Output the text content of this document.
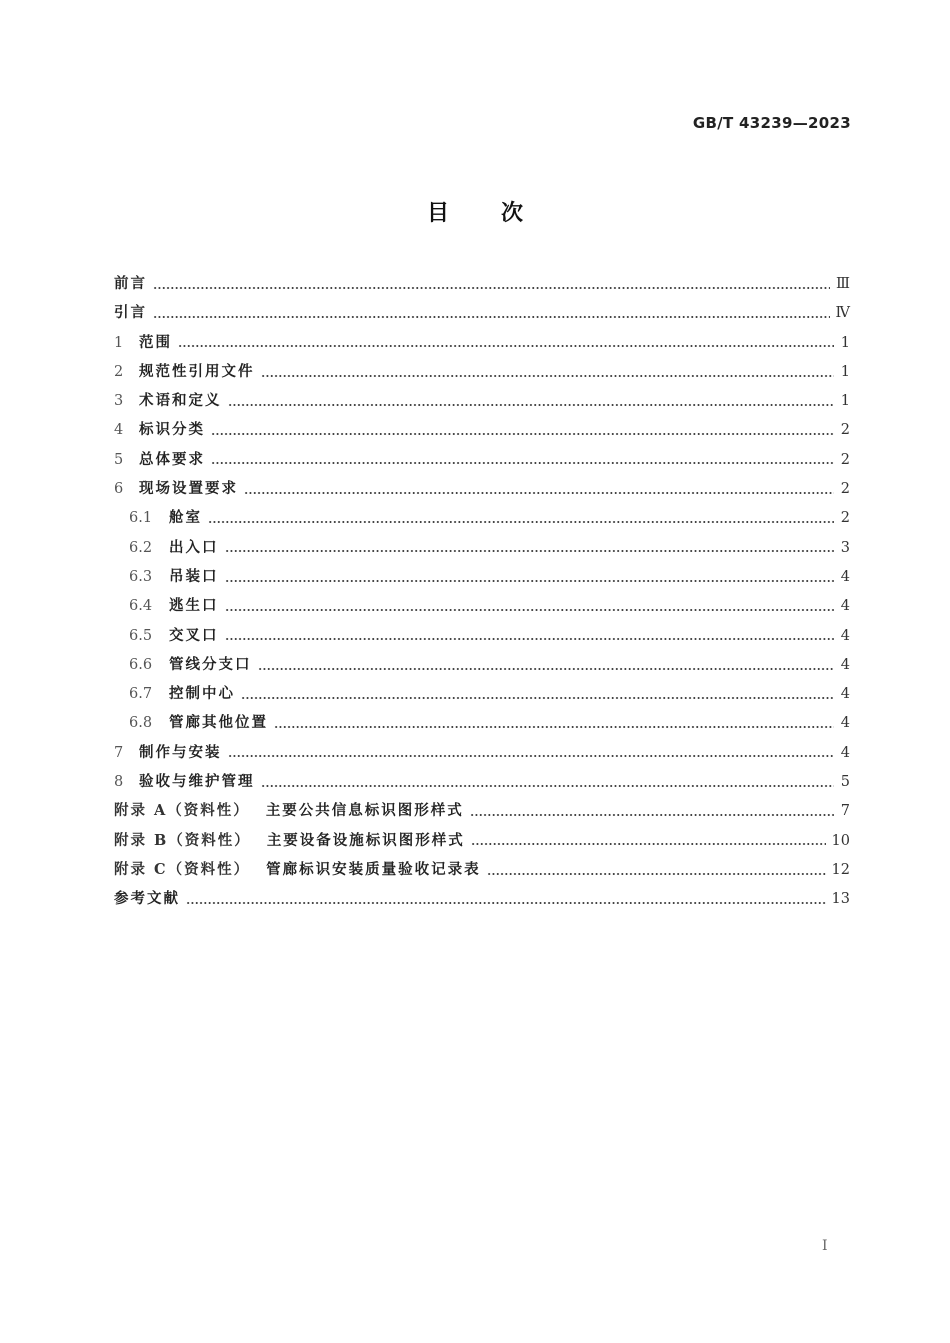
GB/T 43239—2023
目次
前言	Ⅲ
引言	Ⅳ
1	范围	1
2	规范性引用文件	1
3	术语和定义	1
4	标识分类	2
5	总体要求	2
6	现场设置要求	2
6.1	舱室	2
6.2	出入口	3
6.3	吊装口	4
6.4	逃生口	4
6.5	交叉口	4
6.6	管线分支口	4
6.7	控制中心	4
6.8	管廊其他位置	4
7	制作与安装	4
8	验收与维护管理	5
附录 A（资料性） 主要公共信息标识图形样式	7
附录 B（资料性） 主要设备设施标识图形样式	10
附录 C（资料性） 管廊标识安装质量验收记录表	12
参考文献	13
Ⅰ
